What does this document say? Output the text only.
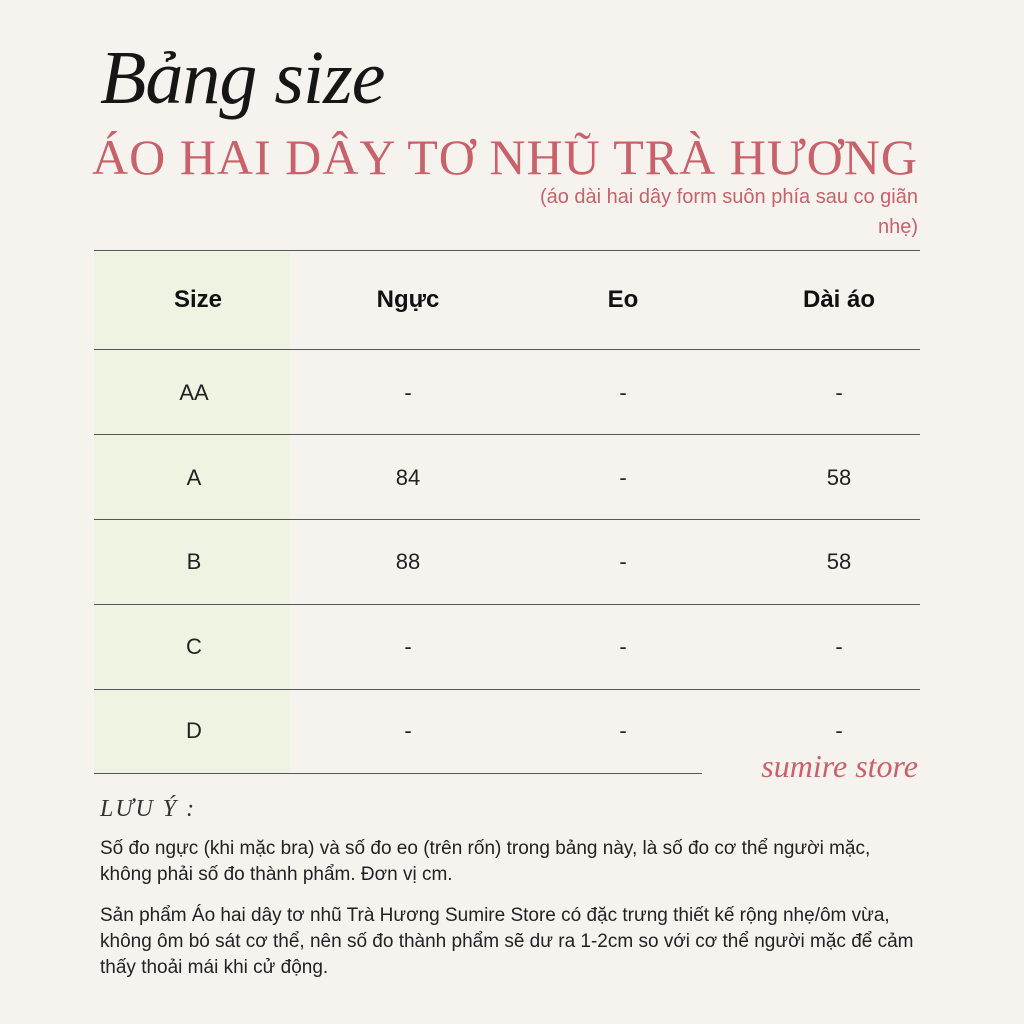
Bảng size
ÁO HAI DÂY TƠ NHŨ TRÀ HƯƠNG
(áo dài hai dây form suôn phía sau co giãn nhẹ)
Size	Ngực	Eo	Dài áo
AA	-	-	-
A	84	-	58
B	88	-	58
C	-	-	-
D	-	-	-
sumire store
LƯU Ý :
Số đo ngực (khi mặc bra) và số đo eo (trên rốn) trong bảng này, là số đo cơ thể người mặc, không phải số đo thành phẩm. Đơn vị cm.
Sản phẩm Áo hai dây tơ nhũ Trà Hương Sumire Store có đặc trưng thiết kế rộng nhẹ/ôm vừa, không ôm bó sát cơ thể, nên số đo thành phẩm sẽ dư ra 1-2cm so với cơ thể người mặc để cảm thấy thoải mái khi cử động.
